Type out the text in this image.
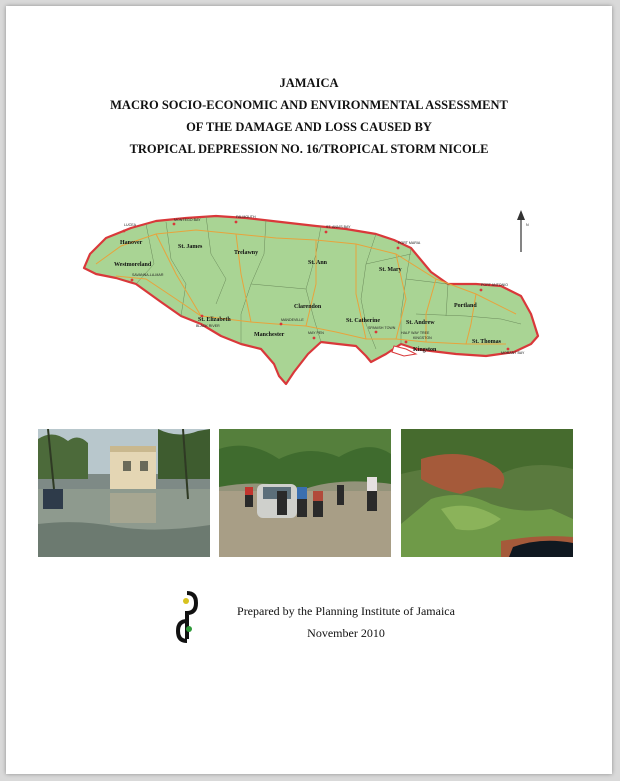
JAMAICA
MACRO SOCIO-ECONOMIC AND ENVIRONMENTAL ASSESSMENT
OF THE DAMAGE AND LOSS CAUSED BY
TROPICAL DEPRESSION NO. 16/TROPICAL STORM NICOLE
N
Hanover
St. James
Trelawny
Westmoreland	St. Ann
St. Mary
Portland
St. Elizabeth
Manchester
Clarendon
St. Catherine	St. Andrew
St. Thomas
Kingston
LUCEA
MONTEGO BAY
FALMOUTH
ST. ANN'S BAY
PORT MARIA
PORT ANTONIO
SAVANNA-LA-MAR
BLACK RIVER
MANDEVILLE
MAY PEN
SPANISH TOWN
HALF WAY TREE
KINGSTON
MORANT BAY
Prepared by the Planning Institute of Jamaica
November 2010
